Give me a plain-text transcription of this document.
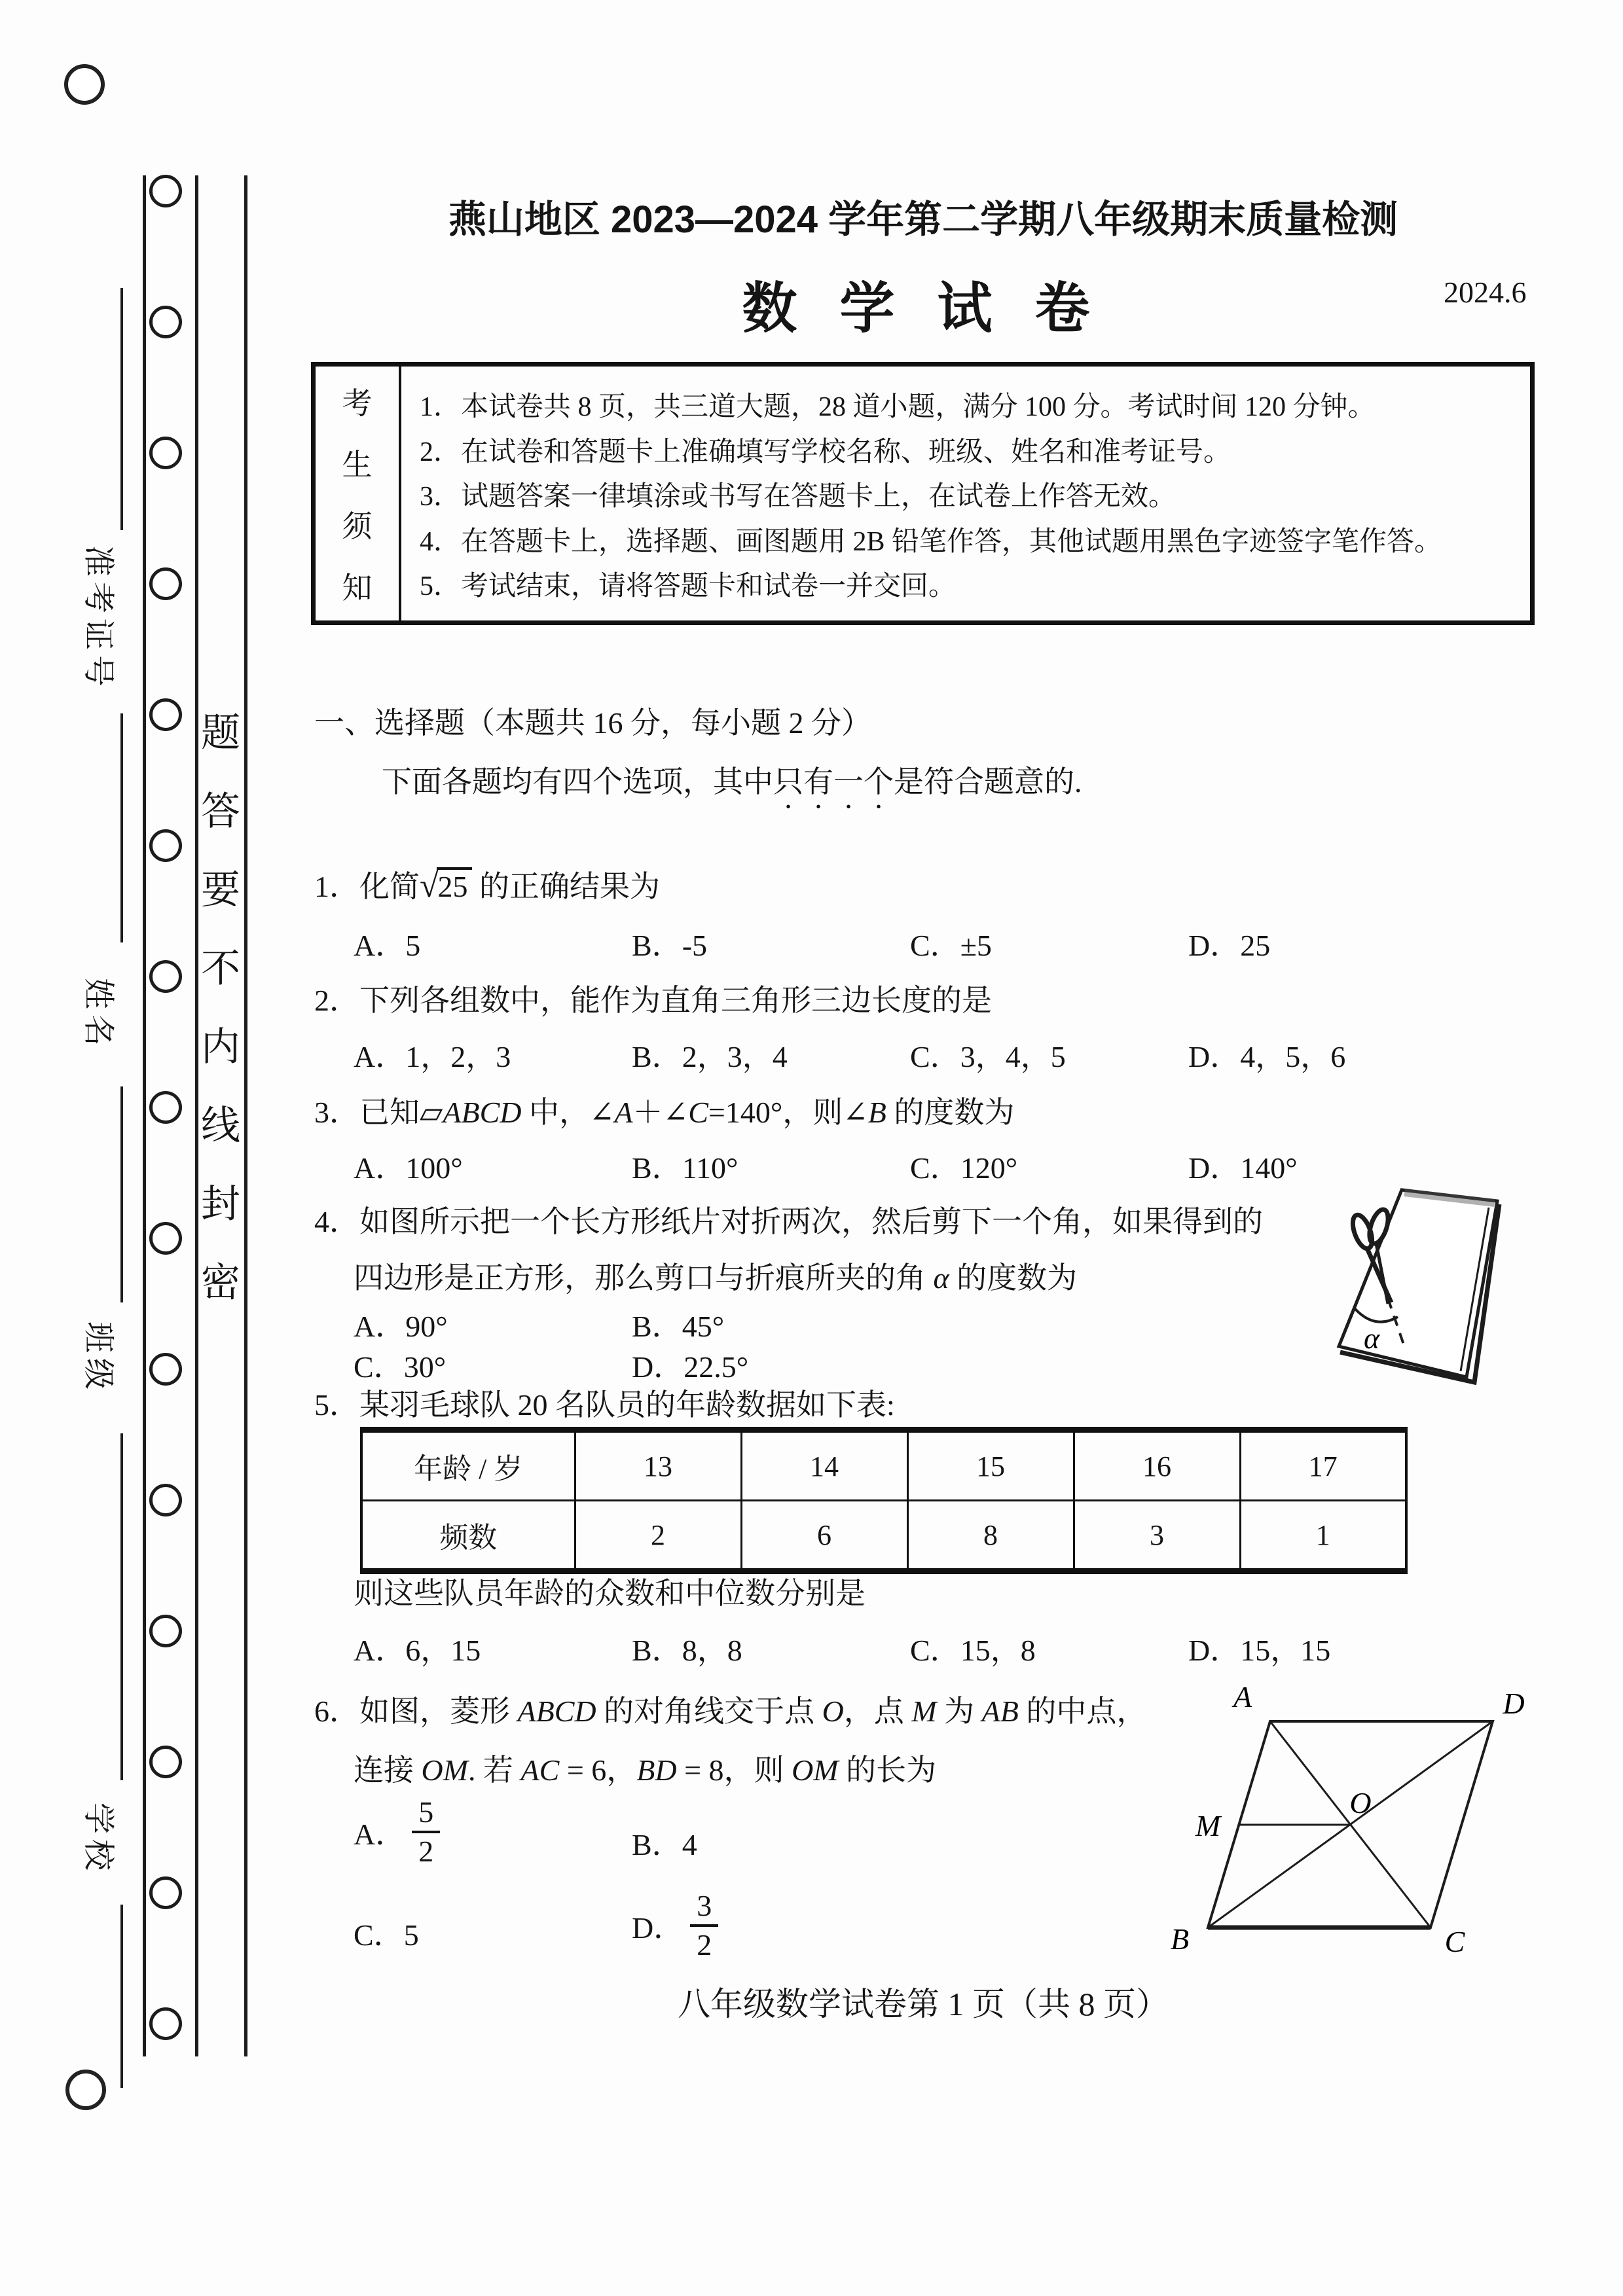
准考证号
姓名
班级
学校
题
答
要
不
内
线
封
密
燕山地区 2023—2024 学年第二学期八年级期末质量检测
数 学 试 卷	2024.6
考
生
须
知
1．本试卷共 8 页，共三道大题，28 道小题，满分 100 分。考试时间 120 分钟。
2．在试卷和答题卡上准确填写学校名称、班级、姓名和准考证号。
3．试题答案一律填涂或书写在答题卡上，在试卷上作答无效。
4．在答题卡上，选择题、画图题用 2B 铅笔作答，其他试题用黑色字迹签字笔作答。
5．考试结束，请将答题卡和试卷一并交回。
一、选择题（本题共 16 分，每小题 2 分）
下面各题均有四个选项，其中只有一个是符合题意的.
1．化简√25 的正确结果为
A．5	B．-5	C．±5	D．25
2．下列各组数中，能作为直角三角形三边长度的是
A．1，2，3	B．2，3，4	C．3，4，5	D．4，5，6
3．已知▱ABCD 中，∠A＋∠C=140°，则∠B 的度数为
A．100°	B．110°	C．120°	D．140°
4．如图所示把一个长方形纸片对折两次，然后剪下一个角，如果得到的
四边形是正方形，那么剪口与折痕所夹的角 α 的度数为
A．90°	B．45°
C．30°	D．22.5°
α
5．某羽毛球队 20 名队员的年龄数据如下表:
年龄 / 岁	13	14	15	16	17
频数	2	6	8	3	1
则这些队员年龄的众数和中位数分别是
A．6，15	B．8，8	C．15，8	D．15，15
6．如图，菱形 ABCD 的对角线交于点 O，点 M 为 AB 的中点，
连接 OM. 若 AC = 6，BD = 8，则 OM 的长为
A． $\frac{5}{2}$	B．4
C．5	D． $\frac{3}{2}$
A	D
B	C
O
M
八年级数学试卷第 1 页（共 8 页）
